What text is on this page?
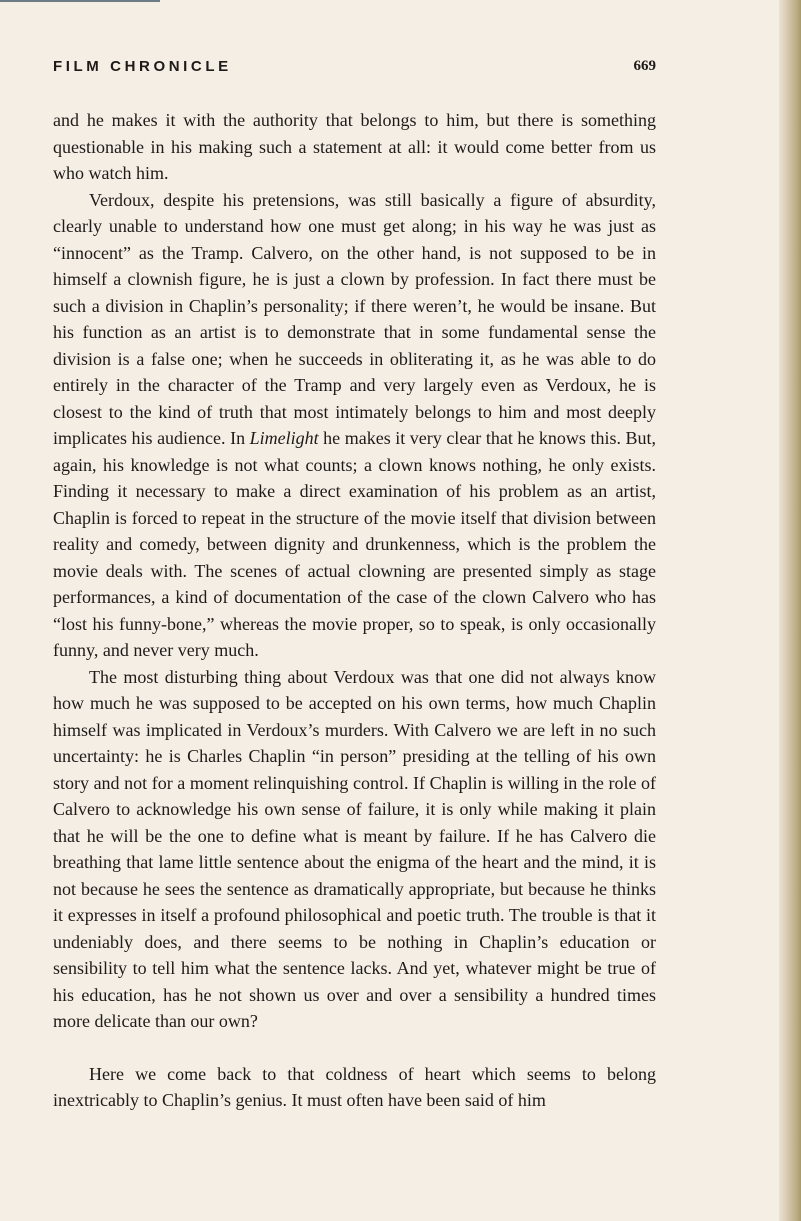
FILM CHRONICLE	669

and he makes it with the authority that belongs to him, but there is something questionable in his making such a statement at all: it would come better from us who watch him.

Verdoux, despite his pretensions, was still basically a figure of absurdity, clearly unable to understand how one must get along; in his way he was just as “innocent” as the Tramp. Calvero, on the other hand, is not supposed to be in himself a clownish figure, he is just a clown by profession. In fact there must be such a division in Chaplin’s personality; if there weren’t, he would be insane. But his function as an artist is to demonstrate that in some fundamental sense the division is a false one; when he succeeds in obliterating it, as he was able to do entirely in the character of the Tramp and very largely even as Verdoux, he is closest to the kind of truth that most intimately belongs to him and most deeply implicates his audience. In Limelight he makes it very clear that he knows this. But, again, his knowledge is not what counts; a clown knows nothing, he only exists. Finding it necessary to make a direct examination of his problem as an artist, Chaplin is forced to repeat in the structure of the movie itself that division between reality and comedy, between dignity and drunkenness, which is the problem the movie deals with. The scenes of actual clowning are presented simply as stage performances, a kind of documentation of the case of the clown Calvero who has “lost his funny-bone,” whereas the movie proper, so to speak, is only occasionally funny, and never very much.

The most disturbing thing about Verdoux was that one did not always know how much he was supposed to be accepted on his own terms, how much Chaplin himself was implicated in Verdoux’s murders. With Calvero we are left in no such uncertainty: he is Charles Chaplin “in person” presiding at the telling of his own story and not for a moment relinquishing control. If Chaplin is willing in the role of Calvero to acknowledge his own sense of failure, it is only while making it plain that he will be the one to define what is meant by failure. If he has Calvero die breathing that lame little sentence about the enigma of the heart and the mind, it is not because he sees the sentence as dramatically appropriate, but because he thinks it expresses in itself a profound philosophical and poetic truth. The trouble is that it undeniably does, and there seems to be nothing in Chaplin’s education or sensibility to tell him what the sentence lacks. And yet, whatever might be true of his education, has he not shown us over and over a sensibility a hundred times more delicate than our own?

Here we come back to that coldness of heart which seems to belong inextricably to Chaplin’s genius. It must often have been said of him
